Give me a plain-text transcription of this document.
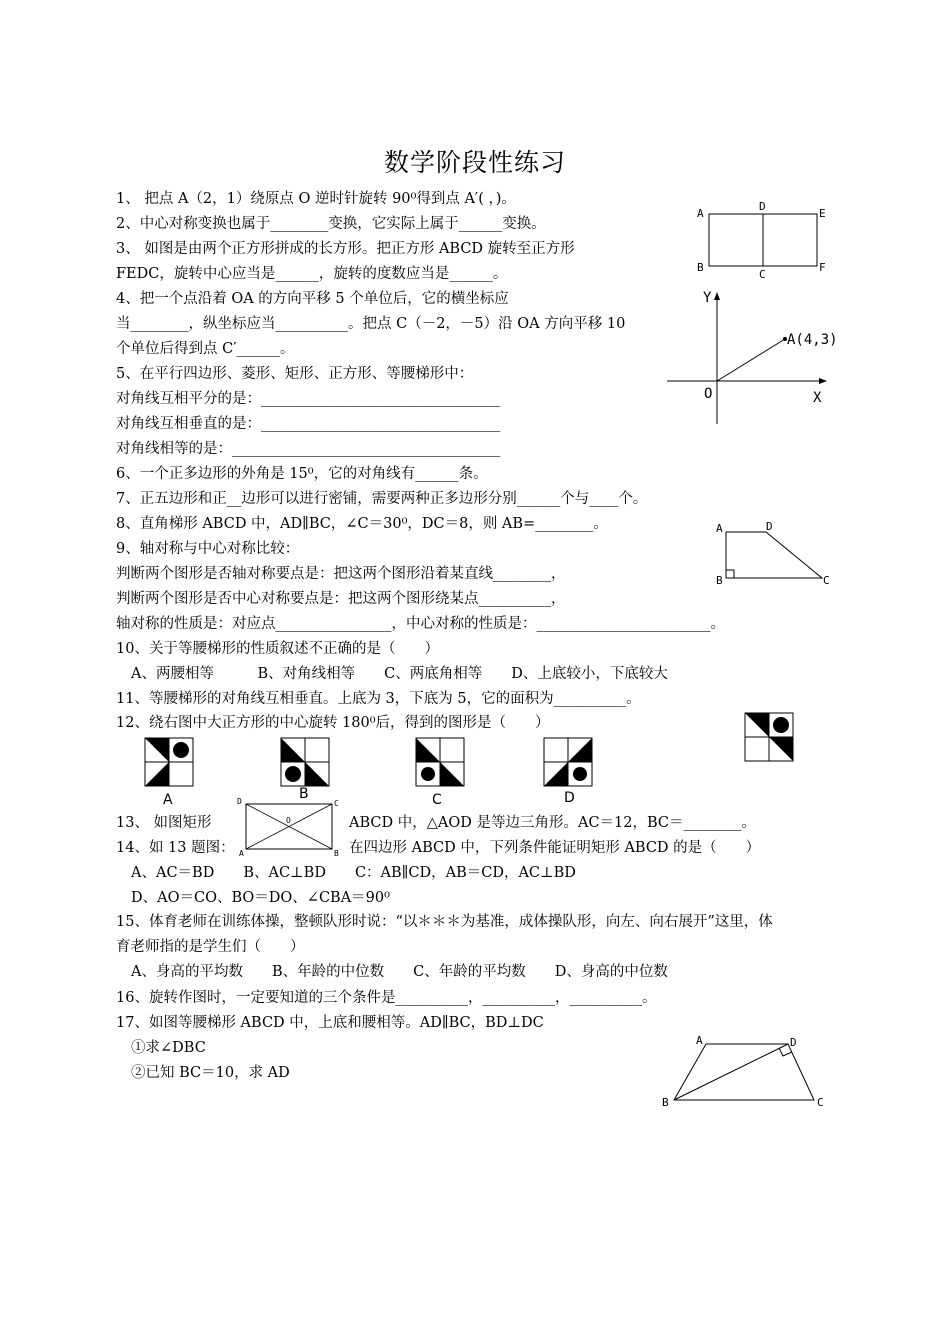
数学阶段性练习
1、 把点 A（2，1）绕原点 O 逆时针旋转 90⁰得到点 A′( ，)。
2、中心对称变换也属于________变换，它实际上属于______变换。
3、 如图是由两个正方形拼成的长方形。把正方形 ABCD 旋转至正方形
FEDC，旋转中心应当是______，旋转的度数应当是______。
4、把一个点沿着 OA 的方向平移 5 个单位后，它的横坐标应
当________，纵坐标应当__________。把点 C（－2，－5）沿 OA 方向平移 10
个单位后得到点 C′______。
5、在平行四边形、菱形、矩形、正方形、等腰梯形中：
对角线互相平分的是：_________________________________
对角线互相垂直的是：_________________________________
对角线相等的是：_____________________________________
6、一个正多边形的外角是 15⁰，它的对角线有______条。
7、正五边形和正__边形可以进行密铺，需要两种正多边形分别______个与____个。
8、直角梯形 ABCD 中，AD∥BC，∠C＝30⁰，DC＝8，则 AB=________。
9、轴对称与中心对称比较：
判断两个图形是否轴对称要点是：把这两个图形沿着某直线________，
判断两个图形是否中心对称要点是：把这两个图形绕某点__________，
轴对称的性质是：对应点________________，中心对称的性质是：________________________。
10、关于等腰梯形的性质叙述不正确的是（　　）
A、两腰相等　　　B、对角线相等　　C、两底角相等　　D、上底较小，下底较大
11、等腰梯形的对角线互相垂直。上底为 3，下底为 5，它的面积为__________。
12、绕右图中大正方形的中心旋转 180⁰后，得到的图形是（　　）
13、 如图矩形	ABCD 中，△AOD 是等边三角形。AC＝12，BC＝________。
14、如 13 题图：	在四边形 ABCD 中，下列条件能证明矩形 ABCD 的是（　　）
A、AC＝BD　　B、AC⊥BD　　C：AB∥CD，AB＝CD，AC⊥BD
D、AO＝CO、BO＝DO、∠CBA＝90⁰
15、体育老师在训练体操，整顿队形时说：“以＊＊＊为基准，成体操队形，向左、向右展开”这里，体
育老师指的是学生们（　　）
A、身高的平均数　　B、年龄的中位数　　C、年龄的平均数　　D、身高的中位数
16、旋转作图时，一定要知道的三个条件是__________，__________，__________。
17、如图等腰梯形 ABCD 中，上底和腰相等。AD∥BC，BD⊥DC
①求∠DBC
②已知 BC＝10，求 AD
A
D
E
B
C
F
Y
X
O
A(4,3)
A	D
B	C
A	B	C	D
D	C
A	B
O
A	D
B	C
